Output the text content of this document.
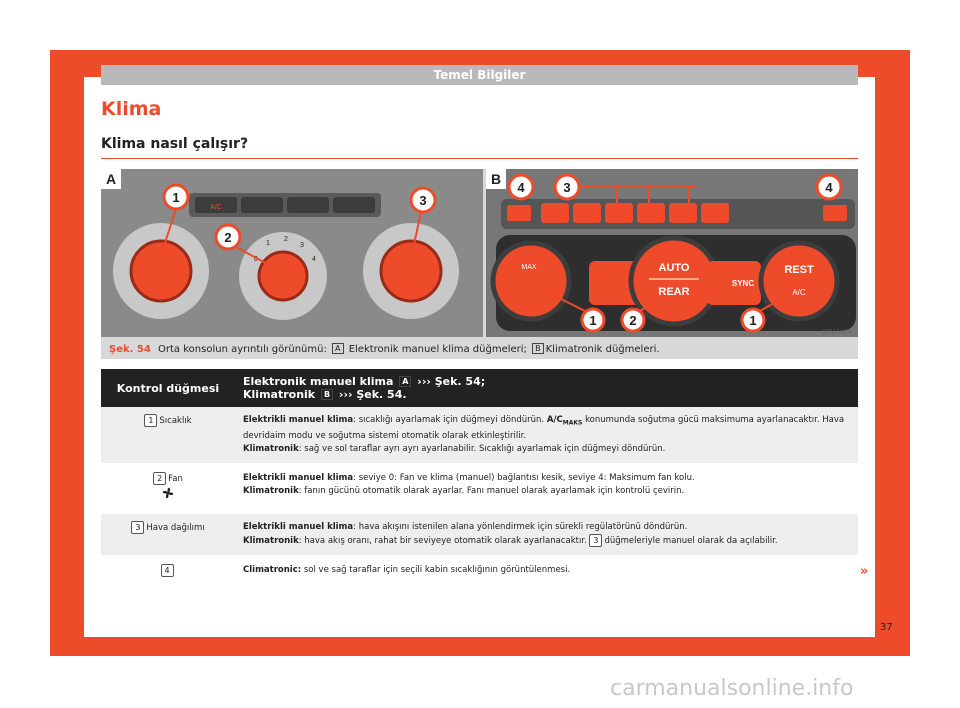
Temel Bilgiler
Klima
Klima nasıl çalışır?
A
A/C
0
1
2
3
4
1
2
3
B
MAX	AUTO
REAR
SYNC
REST
A/C
4	3	4
1	2	1
B7V-1070
Şek. 54 Orta konsolun ayrıntılı görünümü: A Elektronik manuel klima düğmeleri; B Klimatronik düğmeleri.
Kontrol düğmesi	Elektronik manuel klima A ››› Şek. 54;
Klimatronik B ››› Şek. 54.
1 Sıcaklık	Elektrikli manuel klima: sıcaklığı ayarlamak için düğmeyi döndürün. $A/C_{MAKS}$ konumunda soğutma gücü maksimuma ayarlanacaktır. Hava
devridaim modu ve soğutma sistemi otomatik olarak etkinleştirilir.
Klimatronik: sağ ve sol taraflar ayrı ayrı ayarlanabilir. Sıcaklığı ayarlamak için düğmeyi döndürün.
2 Fan	Elektrikli manuel klima: seviye 0: Fan ve klima (manuel) bağlantısı kesik, seviye 4: Maksimum fan kolu.
Klimatronik: fanın gücünü otomatik olarak ayarlar. Fanı manuel olarak ayarlamak için kontrolü çevirin.
3 Hava dağılımı	Elektrikli manuel klima: hava akışını istenilen alana yönlendirmek için sürekli regülatörünü döndürün.
Klimatronik: hava akış oranı, rahat bir seviyeye otomatik olarak ayarlanacaktır. 3 düğmeleriyle manuel olarak da açılabilir.
4	Climatronic: sol ve sağ taraflar için seçili kabin sıcaklığının görüntülenmesi.	»
37
carmanualsonline.info
